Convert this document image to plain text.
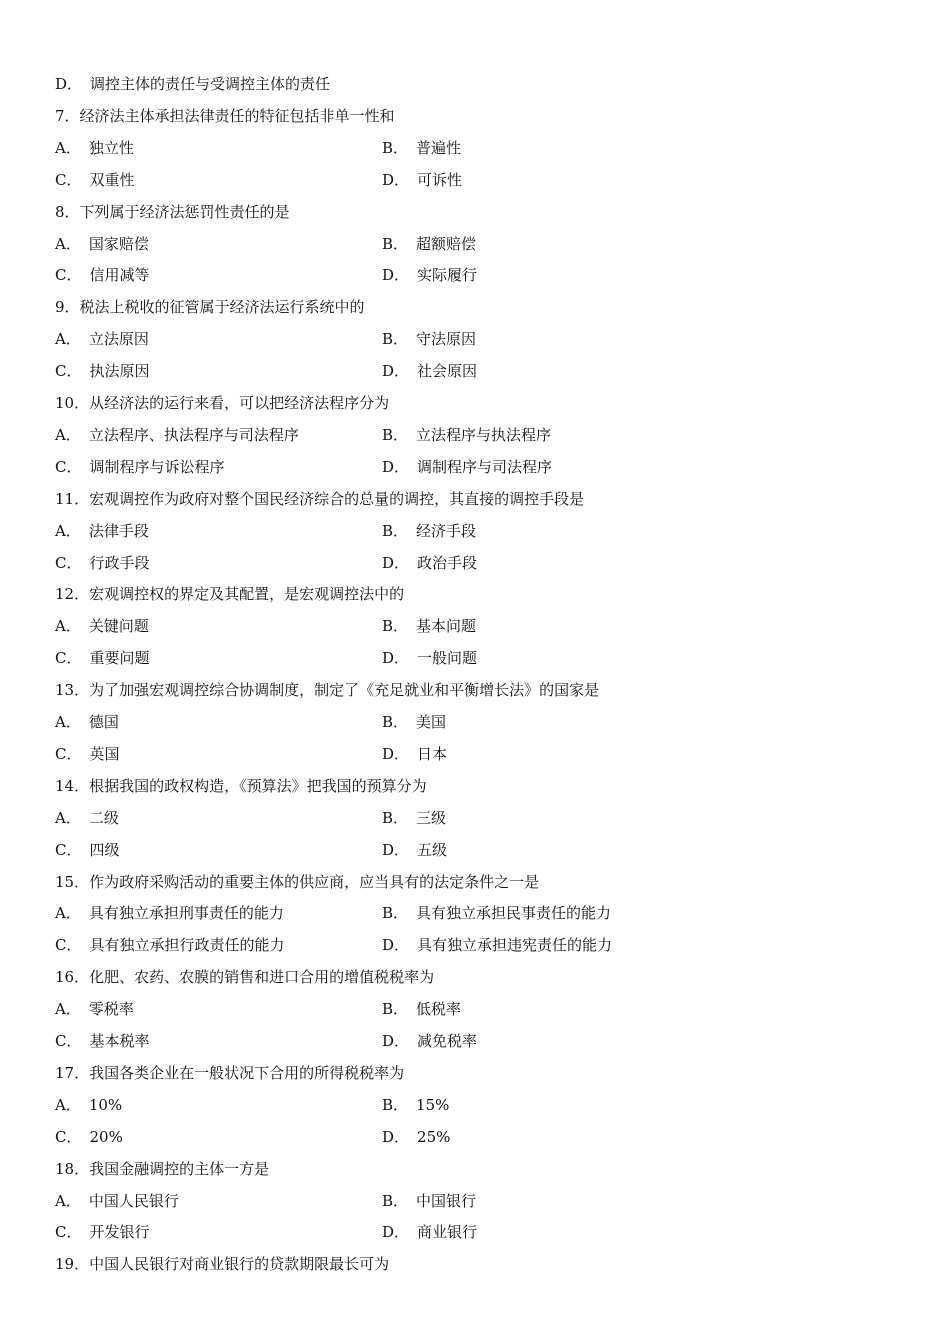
D． 调控主体的责任与受调控主体的责任
7．经济法主体承担法律责任的特征包括非单一性和
A． 独立性	B． 普遍性
C． 双重性	D． 可诉性
8．下列属于经济法惩罚性责任的是
A． 国家赔偿	B． 超额赔偿
C． 信用减等	D． 实际履行
9．税法上税收的征管属于经济法运行系统中的
A． 立法原因	B． 守法原因
C． 执法原因	D． 社会原因
10．从经济法的运行来看，可以把经济法程序分为
A． 立法程序、执法程序与司法程序	B． 立法程序与执法程序
C． 调制程序与诉讼程序	D． 调制程序与司法程序
11．宏观调控作为政府对整个国民经济综合的总量的调控，其直接的调控手段是
A． 法律手段	B． 经济手段
C． 行政手段	D． 政治手段
12．宏观调控权的界定及其配置，是宏观调控法中的
A． 关键问题	B． 基本问题
C． 重要问题	D． 一般问题
13．为了加强宏观调控综合协调制度，制定了《充足就业和平衡增长法》的国家是
A． 德国	B． 美国
C． 英国	D． 日本
14．根据我国的政权构造，《预算法》把我国的预算分为
A． 二级	B． 三级
C． 四级	D． 五级
15．作为政府采购活动的重要主体的供应商，应当具有的法定条件之一是
A． 具有独立承担刑事责任的能力	B． 具有独立承担民事责任的能力
C． 具有独立承担行政责任的能力	D． 具有独立承担违宪责任的能力
16．化肥、农药、农膜的销售和进口合用的增值税税率为
A． 零税率	B． 低税率
C． 基本税率	D． 减免税率
17．我国各类企业在一般状况下合用的所得税税率为
A． 10%	B． 15%
C． 20%	D． 25%
18．我国金融调控的主体一方是
A． 中国人民银行	B． 中国银行
C． 开发银行	D． 商业银行
19．中国人民银行对商业银行的贷款期限最长可为
